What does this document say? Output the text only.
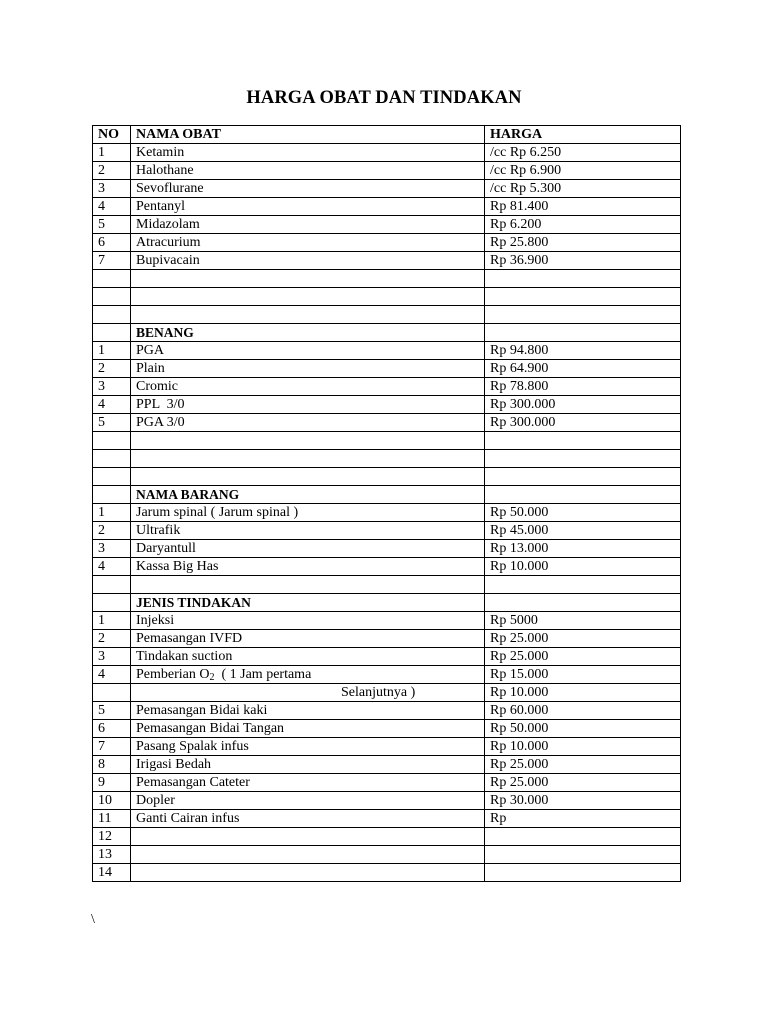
HARGA OBAT DAN TINDAKAN
NO	NAMA OBAT	HARGA
1	Ketamin	/cc Rp 6.250
2	Halothane	/cc Rp 6.900
3	Sevoflurane	/cc Rp 5.300
4	Pentanyl	Rp 81.400
5	Midazolam	Rp 6.200
6	Atracurium	Rp 25.800
7	Bupivacain	Rp 36.900

	BENANG	
1	PGA	Rp 94.800
2	Plain	Rp 64.900
3	Cromic	Rp 78.800
4	PPL  3/0	Rp 300.000
5	PGA 3/0	Rp 300.000

	NAMA BARANG	
1	Jarum spinal ( Jarum spinal )	Rp 50.000
2	Ultrafik	Rp 45.000
3	Daryantull	Rp 13.000
4	Kassa Big Has	Rp 10.000

	JENIS TINDAKAN	
1	Injeksi	Rp 5000
2	Pemasangan IVFD	Rp 25.000
3	Tindakan suction	Rp 25.000
4	Pemberian $O_2$  ( 1 Jam pertama	Rp 15.000
	Selanjutnya )	Rp 10.000
5	Pemasangan Bidai kaki	Rp 60.000
6	Pemasangan Bidai Tangan	Rp 50.000
7	Pasang Spalak infus	Rp 10.000
8	Irigasi Bedah	Rp 25.000
9	Pemasangan Cateter	Rp 25.000
10	Dopler	Rp 30.000
11	Ganti Cairan infus	Rp
12		
13		
14		
\
